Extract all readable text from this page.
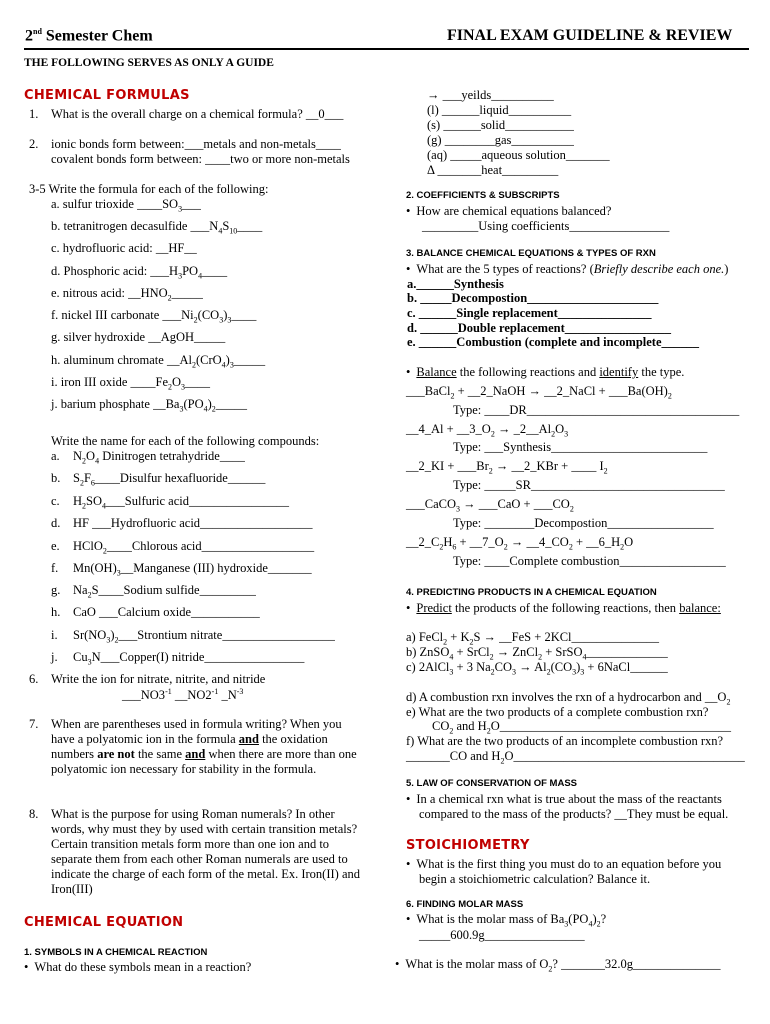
2nd Semester Chem	FINAL EXAM GUIDELINE & REVIEW
THE FOLLOWING SERVES AS ONLY A GUIDE
CHEMICAL FORMULAS
1. What is the overall charge on a chemical formula? __0___
2. ionic bonds form between:___metals and non-metals____
covalent bonds form between: ____two or more non-metals
3-5 Write the formula for each of the following:
a. sulfur trioxide $\_\_\_\_SO_3\_\_\_$
b. tetranitrogen decasulfide $\_\_\_N_4S_{10}\_\_\_\_$
c. hydrofluoric acid: __HF__
d. Phosphoric acid: $\_\_\_H_3PO_4\_\_\_\_$
e. nitrous acid: $\_\_HNO_2\_\_\_\_\_$
f. nickel III carbonate $\_\_\_Ni_2(CO_3)_3\_\_\_\_$
g. silver hydroxide __AgOH_____
h. aluminum chromate $\_\_Al_2(CrO_4)_3\_\_\_\_\_$
i. iron III oxide $\_\_\_\_Fe_2O_3\_\_\_\_$
j. barium phosphate $\_\_Ba_3(PO_4)_2\_\_\_\_\_$
Write the name for each of the following compounds:
a. $N_2O_4$ Dinitrogen tetrahydride____
b. $S_2F_6\_\_\_\_Disulfur$ hexafluoride______
c. $H_2SO_4\_\_\_Sulfuric$ acid________________
d. HF ___Hydrofluoric acid__________________
e. HClO$_2$____Chlorous acid__________________
f. $Mn(OH)_3\_\_Manganese$ (III) hydroxide_______
g. $Na_2S\_\_\_\_Sodium$ sulfide_________
h. CaO ___Calcium oxide___________
i. $Sr(NO_3)_2\_\_\_Strontium$ nitrate__________________
j. $Cu_3N\_\_\_Copper(I)$ nitride________________
6. Write the ion for nitrate, nitrite, and nitride
$\_\_\_NO3^{-1}$ $\_\_NO2^{-1}$ $\_N^{-3}$
7. When are parentheses used in formula writing? When you
have a polyatomic ion in the formula and the oxidation
numbers are not the same and when there are more than one
polyatomic ion necessary for stability in the formula.
8. What is the purpose for using Roman numerals? In other
words, why must they by used with certain transition metals?
Certain transition metals form more than one ion and to
separate them from each other Roman numerals are used to
indicate the charge of each form of the metal. Ex. Iron(II) and
Iron(III)
CHEMICAL EQUATION
1. SYMBOLS IN A CHEMICAL REACTION
• What do these symbols mean in a reaction?
→ ___yeilds__________
(l) ______liquid__________
(s) ______solid___________
(g) ________gas__________
(aq) _____aqueous solution_______
Δ _______heat_________
2. COEFFICIENTS & SUBSCRIPTS
• How are chemical equations balanced?
_________Using coefficients________________
3. BALANCE CHEMICAL EQUATIONS & TYPES OF RXN
• What are the 5 types of reactions? (Briefly describe each one.)
a.______Synthesis
b. _____Decompostion_____________________
c. ______Single replacement_______________
d. ______Double replacement_________________
e. ______Combustion (complete and incomplete______
• Balance the following reactions and identify the type.
___BaCl$_2$ + __2_NaOH → __2_NaCl + $\_\_\_Ba(OH)_2$
Type: ____DR__________________________________
__4_Al + $\_\_3\_O_2$ → $\_2\_\_Al_2O_3$
Type: ___Synthesis_________________________
__2_KI + $\_\_\_Br_2$ → __2_KBr + ____ $I_2$
Type: _____SR_______________________________
___CaCO$_3$ → ___CaO + $\_\_\_CO_2$
Type: ________Decompostion_________________
$\_\_2\_C_2H_6$ + $\_\_7\_O_2$ → $\_\_4\_CO_2$ + $\_\_6\_H_2O$
Type: ____Complete combustion_________________
4. PREDICTING PRODUCTS IN A CHEMICAL EQUATION
• Predict the products of the following reactions, then balance:
a) FeCl$_2$ + $K_2S$ → __FeS + 2KCl______________
b) ZnSO$_4$ + SrCl$_2$ → ZnCl$_2$ + SrSO$_4$_____________
c) 2AlCl$_3$ + 3 $Na_2CO_3 \to Al_2(CO_3)_3$ + 6NaCl______
d) A combustion rxn involves the rxn of a hydrocarbon and $\_\_O_2$
e) What are the two products of a complete combustion rxn?
$CO_2$ and $H_2O\_\_\_\_\_\_\_\_\_\_\_\_\_\_\_\_\_\_\_\_\_\_\_\_\_\_\_\_\_\_\_\_\_\_\_\_\_$
f) What are the two products of an incomplete combustion rxn?
_______CO and $H_2O\_\_\_\_\_\_\_\_\_\_\_\_\_\_\_\_\_\_\_\_\_\_\_\_\_\_\_\_\_\_\_\_\_\_\_\_\_$
5. LAW OF CONSERVATION OF MASS
• In a chemical rxn what is true about the mass of the reactants
compared to the mass of the products? __They must be equal.
STOICHIOMETRY
• What is the first thing you must do to an equation before you
begin a stoichiometric calculation? Balance it.
6. FINDING MOLAR MASS
• What is the molar mass of $Ba_3(PO_4)_2$?
_____600.9g________________
• What is the molar mass of $O_2$? _______32.0g______________
